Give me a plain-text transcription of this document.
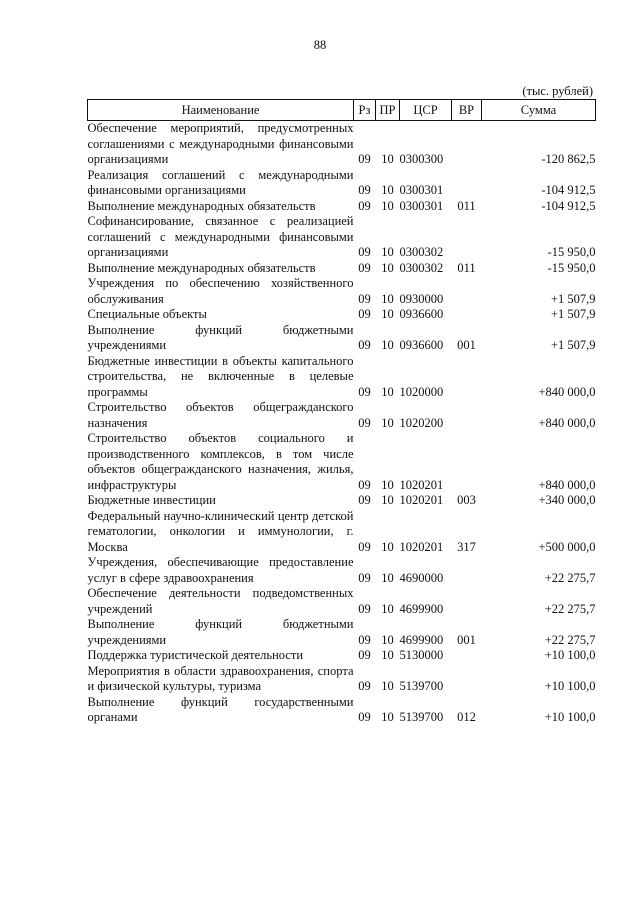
88
(тыс. рублей)
Наименование	Рз	ПР	ЦСР	ВР	Сумма
Обеспечение мероприятий, предусмотренных соглашениями с международными финансовыми организациями	09	10	0300300		-120 862,5
Реализация соглашений с международными финансовыми организациями	09	10	0300301		-104 912,5
Выполнение международных обязательств	09	10	0300301	011	-104 912,5
Софинансирование, связанное с реализацией соглашений с международными финансовыми организациями	09	10	0300302		-15 950,0
Выполнение международных обязательств	09	10	0300302	011	-15 950,0
Учреждения по обеспечению хозяйственного обслуживания	09	10	0930000		+1 507,9
Специальные объекты	09	10	0936600		+1 507,9
Выполнение функций бюджетными учреждениями	09	10	0936600	001	+1 507,9
Бюджетные инвестиции в объекты капитального строительства, не включенные в целевые программы	09	10	1020000		+840 000,0
Строительство объектов общегражданского назначения	09	10	1020200		+840 000,0
Строительство объектов социального и производственного комплексов, в том числе объектов общегражданского назначения, жилья, инфраструктуры	09	10	1020201		+840 000,0
Бюджетные инвестиции	09	10	1020201	003	+340 000,0
Федеральный научно-клинический центр детской гематологии, онкологии и иммунологии, г. Москва	09	10	1020201	317	+500 000,0
Учреждения, обеспечивающие предоставление услуг в сфере здравоохранения	09	10	4690000		+22 275,7
Обеспечение деятельности подведомственных учреждений	09	10	4699900		+22 275,7
Выполнение функций бюджетными учреждениями	09	10	4699900	001	+22 275,7
Поддержка туристической деятельности	09	10	5130000		+10 100,0
Мероприятия в области здравоохранения, спорта и физической культуры, туризма	09	10	5139700		+10 100,0
Выполнение функций государственными органами	09	10	5139700	012	+10 100,0
